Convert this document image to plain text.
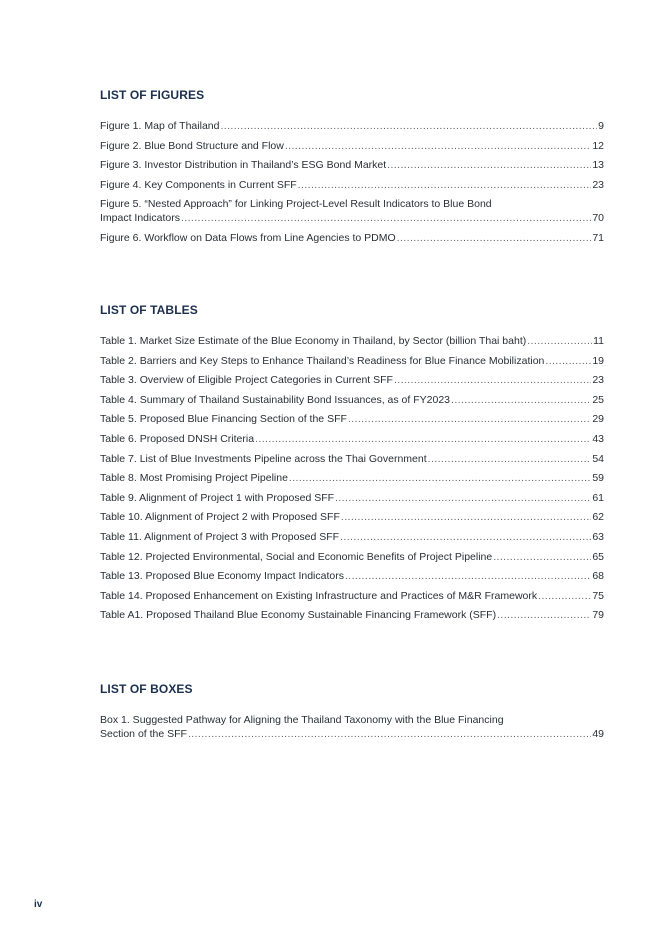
LIST OF FIGURES
Figure 1. Map of Thailand .....	9
Figure 2. Blue Bond Structure and Flow .....	12
Figure 3. Investor Distribution in Thailand’s ESG Bond Market .....	13
Figure 4. Key Components in Current SFF .....	23
Figure 5. “Nested Approach” for Linking Project-Level Result Indicators to Blue Bond
Impact Indicators .....	70
Figure 6. Workflow on Data Flows from Line Agencies to PDMO .....	71
LIST OF TABLES
Table 1. Market Size Estimate of the Blue Economy in Thailand, by Sector (billion Thai baht) .....	11
Table 2. Barriers and Key Steps to Enhance Thailand’s Readiness for Blue Finance Mobilization .....	19
Table 3. Overview of Eligible Project Categories in Current SFF .....	23
Table 4. Summary of Thailand Sustainability Bond Issuances, as of FY2023 .....	25
Table 5. Proposed Blue Financing Section of the SFF .....	29
Table 6. Proposed DNSH Criteria .....	43
Table 7. List of Blue Investments Pipeline across the Thai Government .....	54
Table 8. Most Promising Project Pipeline .....	59
Table 9. Alignment of Project 1 with Proposed SFF .....	61
Table 10. Alignment of Project 2 with Proposed SFF .....	62
Table 11. Alignment of Project 3 with Proposed SFF .....	63
Table 12. Projected Environmental, Social and Economic Benefits of Project Pipeline .....	65
Table 13. Proposed Blue Economy Impact Indicators .....	68
Table 14. Proposed Enhancement on Existing Infrastructure and Practices of M&R Framework .....	75
Table A1. Proposed Thailand Blue Economy Sustainable Financing Framework (SFF) .....	79
LIST OF BOXES
Box 1. Suggested Pathway for Aligning the Thailand Taxonomy with the Blue Financing
Section of the SFF .....	49
iv
